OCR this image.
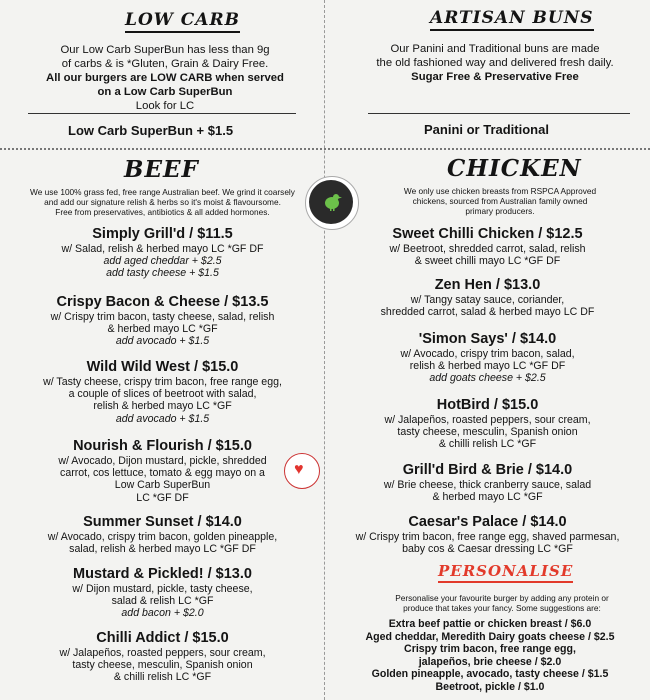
LOW CARB
Our Low Carb SuperBun has less than 9g
of carbs & is *Gluten, Grain & Dairy Free.
All our burgers are LOW CARB when served
on a Low Carb SuperBun
Look for LC
Low Carb SuperBun + $1.5
ARTISAN BUNS
Our Panini and Traditional buns are made
the old fashioned way and delivered fresh daily.
Sugar Free & Preservative Free
Panini or Traditional
BEEF
We use 100% grass fed, free range Australian beef. We grind it coarsely
and add our signature relish & herbs so it's moist & flavoursome.
Free from preservatives, antibiotics & all added hormones.
Simply Grill'd / $11.5
w/ Salad, relish & herbed mayo LC *GF DF
add aged cheddar + $2.5
add tasty cheese + $1.5
Crispy Bacon & Cheese / $13.5
w/ Crispy trim bacon, tasty cheese, salad, relish
& herbed mayo LC *GF
add avocado + $1.5
Wild Wild West / $15.0
w/ Tasty cheese, crispy trim bacon, free range egg,
a couple of slices of beetroot with salad,
relish & herbed mayo LC *GF
add avocado + $1.5
Nourish & Flourish / $15.0
w/ Avocado, Dijon mustard, pickle, shredded
carrot, cos lettuce, tomato & egg mayo on a
Low Carb SuperBun
LC *GF DF
Summer Sunset / $14.0
w/ Avocado, crispy trim bacon, golden pineapple,
salad, relish & herbed mayo LC *GF DF
Mustard & Pickled! / $13.0
w/ Dijon mustard, pickle, tasty cheese,
salad & relish LC *GF
add bacon + $2.0
Chilli Addict / $15.0
w/ Jalapeños, roasted peppers, sour cream,
tasty cheese, mesculin, Spanish onion
& chilli relish LC *GF
CHICKEN
We only use chicken breasts from RSPCA Approved
chickens, sourced from Australian family owned
primary producers.
Sweet Chilli Chicken / $12.5
w/ Beetroot, shredded carrot, salad, relish
& sweet chilli mayo LC *GF DF
Zen Hen / $13.0
w/ Tangy satay sauce, coriander,
shredded carrot, salad & herbed mayo LC DF
'Simon Says' / $14.0
w/ Avocado, crispy trim bacon, salad,
relish & herbed mayo LC *GF DF
add goats cheese + $2.5
HotBird / $15.0
w/ Jalapeños, roasted peppers, sour cream,
tasty cheese, mesculin, Spanish onion
& chilli relish LC *GF
Grill'd Bird & Brie / $14.0
w/ Brie cheese, thick cranberry sauce, salad
& herbed mayo LC *GF
Caesar's Palace / $14.0
w/ Crispy trim bacon, free range egg, shaved parmesan,
baby cos & Caesar dressing LC *GF
PERSONALISE
Personalise your favourite burger by adding any protein or
produce that takes your fancy. Some suggestions are:
Extra beef pattie or chicken breast / $6.0
Aged cheddar, Meredith Dairy goats cheese / $2.5
Crispy trim bacon, free range egg,
jalapeños, brie cheese / $2.0
Golden pineapple, avocado, tasty cheese / $1.5
Beetroot, pickle / $1.0
♥
